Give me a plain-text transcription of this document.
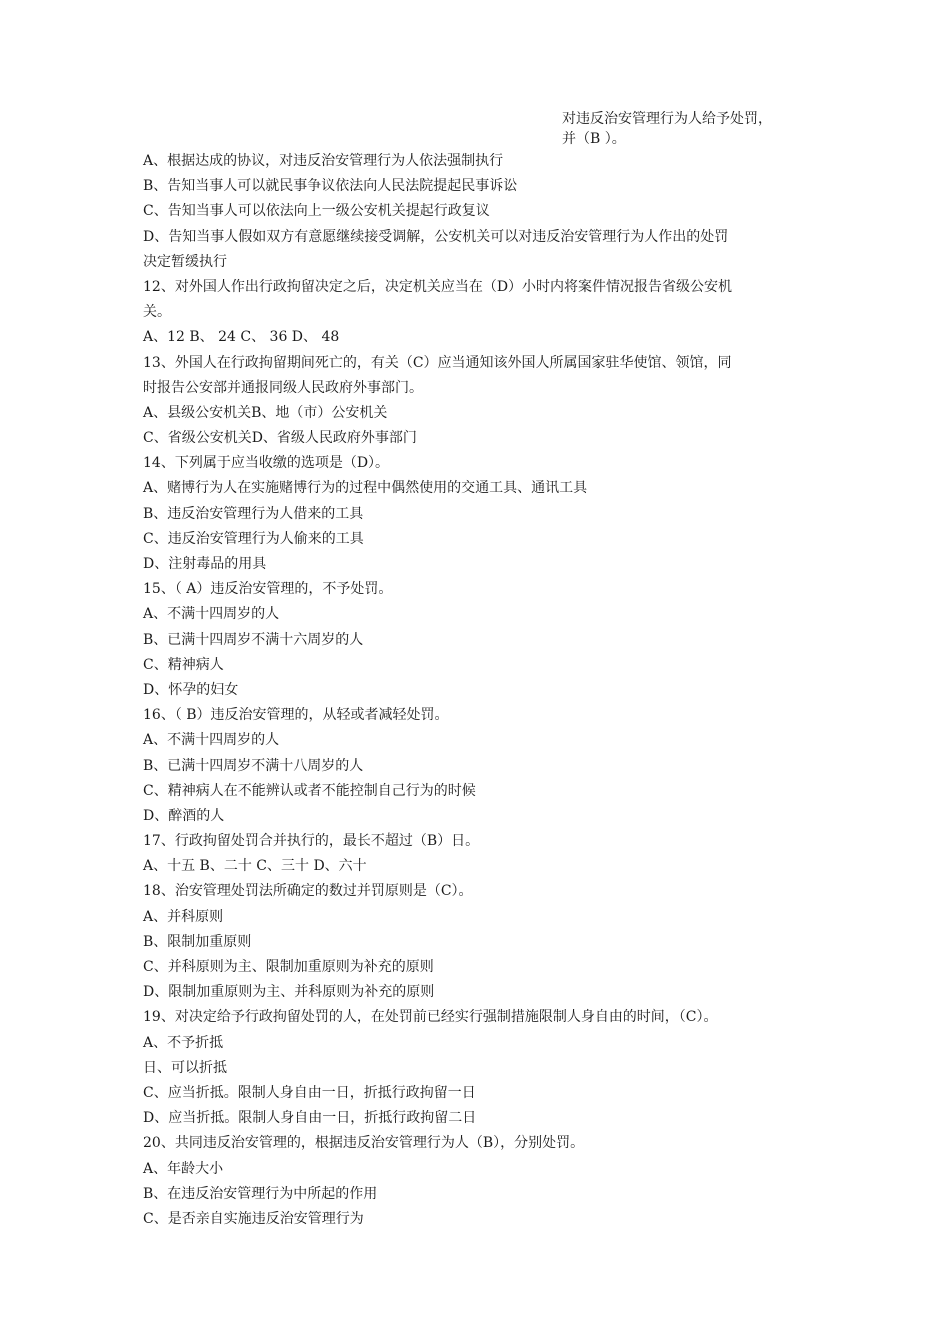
对违反治安管理行为人给予处罚，
并（B ）。
A、根据达成的协议，对违反治安管理行为人依法强制执行
B、告知当事人可以就民事争议依法向人民法院提起民事诉讼
C、告知当事人可以依法向上一级公安机关提起行政复议
D、告知当事人假如双方有意愿继续接受调解，公安机关可以对违反治安管理行为人作出的处罚
决定暂缓执行
12、对外国人作出行政拘留决定之后，决定机关应当在（D）小时内将案件情况报告省级公安机
关。
A、12 B、 24 C、 36 D、 48
13、外国人在行政拘留期间死亡的，有关（C）应当通知该外国人所属国家驻华使馆、领馆，同
时报告公安部并通报同级人民政府外事部门。
A、县级公安机关B、地（市）公安机关
C、省级公安机关D、省级人民政府外事部门
14、下列属于应当收缴的选项是（D）。
A、赌博行为人在实施赌博行为的过程中偶然使用的交通工具、通讯工具
B、违反治安管理行为人借来的工具
C、违反治安管理行为人偷来的工具
D、注射毒品的用具
15、（ A）违反治安管理的，不予处罚。
A、不满十四周岁的人
B、已满十四周岁不满十六周岁的人
C、精神病人
D、怀孕的妇女
16、（ B）违反治安管理的，从轻或者减轻处罚。
A、不满十四周岁的人
B、已满十四周岁不满十八周岁的人
C、精神病人在不能辨认或者不能控制自己行为的时候
D、醉酒的人
17、行政拘留处罚合并执行的，最长不超过（B）日。
A、十五 B、二十 C、三十 D、六十
18、治安管理处罚法所确定的数过并罚原则是（C）。
A、并科原则
B、限制加重原则
C、并科原则为主、限制加重原则为补充的原则
D、限制加重原则为主、并科原则为补充的原则
19、对决定给予行政拘留处罚的人，在处罚前已经实行强制措施限制人身自由的时间，（C）。
A、不予折抵
日、可以折抵
C、应当折抵。限制人身自由一日，折抵行政拘留一日
D、应当折抵。限制人身自由一日，折抵行政拘留二日
20、共同违反治安管理的，根据违反治安管理行为人（B），分别处罚。
A、年龄大小
B、在违反治安管理行为中所起的作用
C、是否亲自实施违反治安管理行为
